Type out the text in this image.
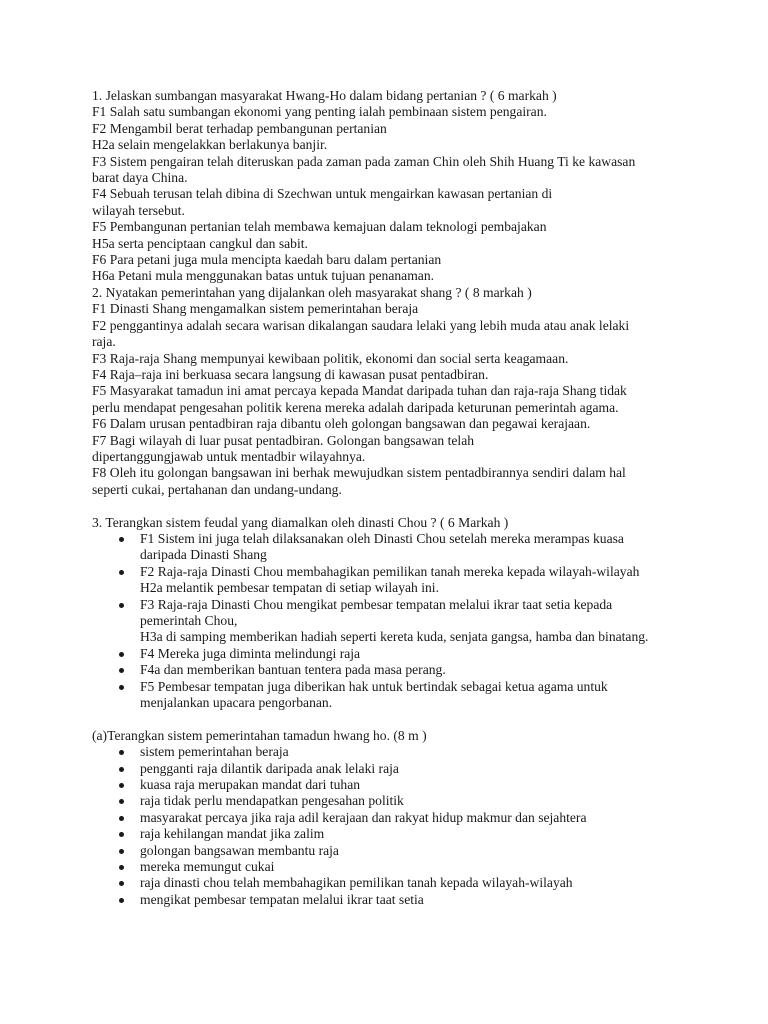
1. Jelaskan sumbangan masyarakat Hwang-Ho dalam bidang pertanian ? ( 6 markah )

F1 Salah satu sumbangan ekonomi yang penting ialah pembinaan sistem pengairan.

F2 Mengambil berat terhadap pembangunan pertanian

H2a selain mengelakkan berlakunya banjir.

F3 Sistem pengairan telah diteruskan pada zaman pada zaman Chin oleh Shih Huang Ti ke kawasan

barat daya China.

F4 Sebuah terusan telah dibina di Szechwan untuk mengairkan kawasan pertanian di

wilayah tersebut.

F5 Pembangunan pertanian telah membawa kemajuan dalam teknologi pembajakan

H5a serta penciptaan cangkul dan sabit.

F6 Para petani juga mula mencipta kaedah baru dalam pertanian

H6a Petani mula menggunakan batas untuk tujuan penanaman.

2. Nyatakan pemerintahan yang dijalankan oleh masyarakat shang ? ( 8 markah )

F1 Dinasti Shang mengamalkan sistem pemerintahan beraja

F2 penggantinya adalah secara warisan dikalangan saudara lelaki yang lebih muda atau anak lelaki

raja.

F3 Raja-raja Shang mempunyai kewibaan politik, ekonomi dan social serta keagamaan.

F4 Raja–raja ini berkuasa secara langsung di kawasan pusat pentadbiran.

F5 Masyarakat tamadun ini amat percaya kepada Mandat daripada tuhan dan raja-raja Shang tidak

perlu mendapat pengesahan politik kerena mereka adalah daripada keturunan pemerintah agama.

F6 Dalam urusan pentadbiran raja dibantu oleh golongan bangsawan dan pegawai kerajaan.

F7 Bagi wilayah di luar pusat pentadbiran. Golongan bangsawan telah

dipertanggungjawab untuk mentadbir wilayahnya.

F8 Oleh itu golongan bangsawan ini berhak mewujudkan sistem pentadbirannya sendiri dalam hal

seperti cukai, pertahanan dan undang-undang.

3. Terangkan sistem feudal yang diamalkan oleh dinasti Chou ? ( 6 Markah )

F1 Sistem ini juga telah dilaksanakan oleh Dinasti Chou setelah mereka merampas kuasa
daripada Dinasti Shang
F2 Raja-raja Dinasti Chou membahagikan pemilikan tanah mereka kepada wilayah-wilayah
H2a melantik pembesar tempatan di setiap wilayah ini.
F3 Raja-raja Dinasti Chou mengikat pembesar tempatan melalui ikrar taat setia kepada
pemerintah Chou,
H3a di samping memberikan hadiah seperti kereta kuda, senjata gangsa, hamba dan binatang.
F4 Mereka juga diminta melindungi raja
F4a dan memberikan bantuan tentera pada masa perang.
F5 Pembesar tempatan juga diberikan hak untuk bertindak sebagai ketua agama untuk
menjalankan upacara pengorbanan.

(a)Terangkan sistem pemerintahan tamadun hwang ho. (8 m )

sistem pemerintahan beraja
pengganti raja dilantik daripada anak lelaki raja
kuasa raja merupakan mandat dari tuhan
raja tidak perlu mendapatkan pengesahan politik
masyarakat percaya jika raja adil kerajaan dan rakyat hidup makmur dan sejahtera
raja kehilangan mandat jika zalim
golongan bangsawan membantu raja
mereka memungut cukai
raja dinasti chou telah membahagikan pemilikan tanah kepada wilayah-wilayah
mengikat pembesar tempatan melalui ikrar taat setia
